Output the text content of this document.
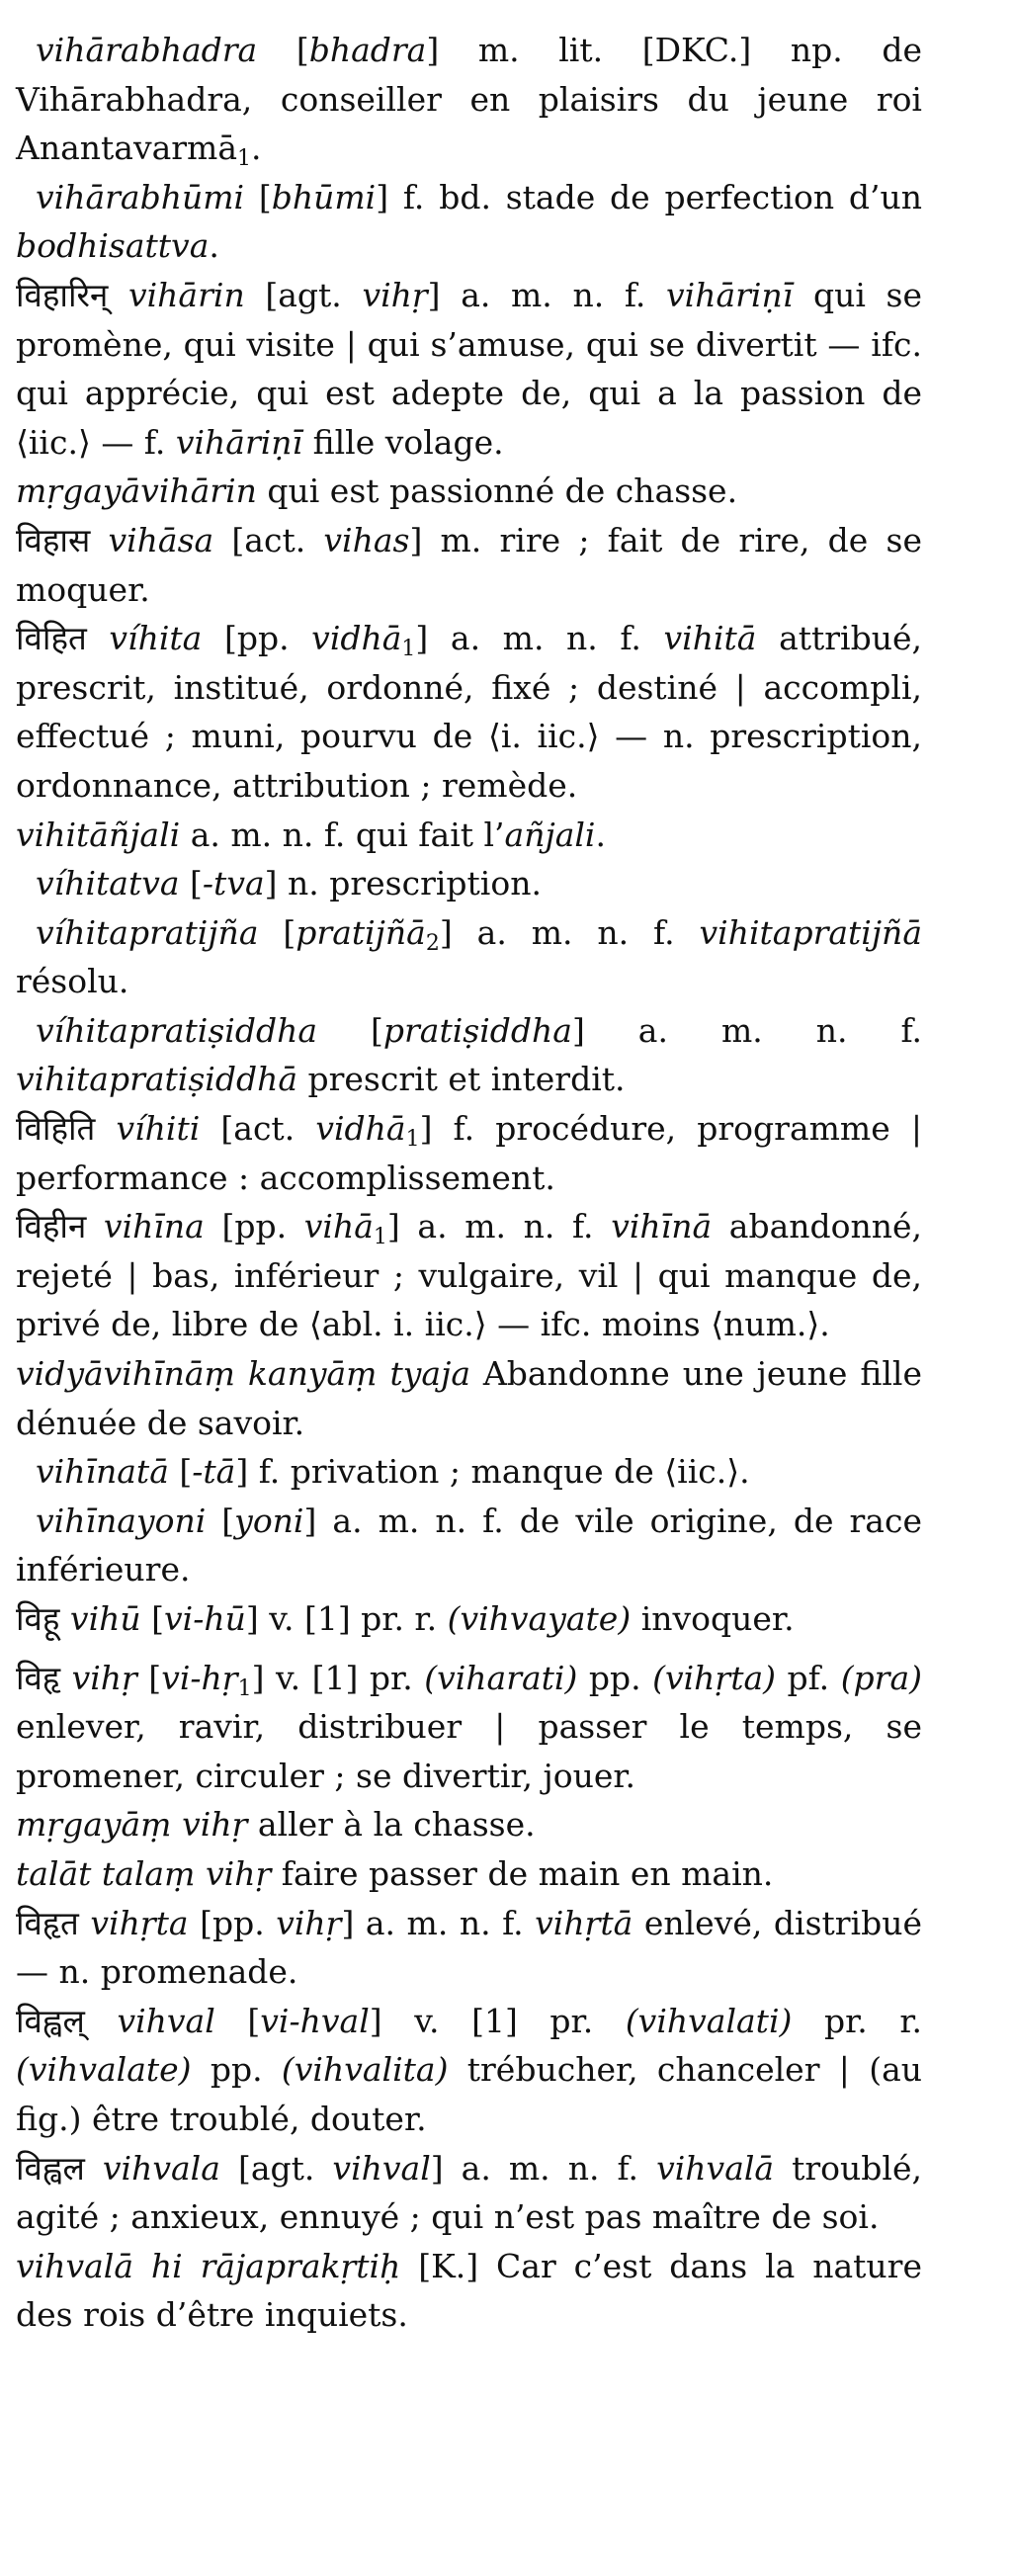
vihārabhadra [bhadra] m. lit. [DKC.] np. de Vihārabhadra, conseiller en plaisirs du jeune roi Anantavarmā$_1$.

vihārabhūmi [bhūmi] f. bd. stade de perfection d’un bodhisattva.

विहारिन् vihārin [agt. vihṛ] a. m. n. f. vihāriṇī qui se promène, qui visite | qui s’amuse, qui se divertit — ifc. qui apprécie, qui est adepte de, qui a la passion de ⟨iic.⟩ — f. vihāriṇī fille volage.

mṛgayāvihārin qui est passionné de chasse.

विहास vihāsa [act. vihas] m. rire ; fait de rire, de se moquer.

विहित víhita [pp. vidhā$_1$] a. m. n. f. vihitā attribué, prescrit, institué, ordonné, fixé ; destiné | accompli, effectué ; muni, pourvu de ⟨i. iic.⟩ — n. prescription, ordonnance, attribution ; remède.

vihitāñjali a. m. n. f. qui fait l’añjali.

víhitatva [-tva] n. prescription.

víhitapratijña [pratijñā$_2$] a. m. n. f. vihitapratijñā résolu.

víhitapratiṣiddha [pratiṣiddha] a. m. n. f. vihitapratiṣiddhā prescrit et interdit.

विहिति víhiti [act. vidhā$_1$] f. procédure, programme | performance : accomplissement.

विहीन vihīna [pp. vihā$_1$] a. m. n. f. vihīnā abandonné, rejeté | bas, inférieur ; vulgaire, vil | qui manque de, privé de, libre de ⟨abl. i. iic.⟩ — ifc. moins ⟨num.⟩.

vidyāvihīnāṃ kanyāṃ tyaja Abandonne une jeune fille dénuée de savoir.

vihīnatā [-tā] f. privation ; manque de ⟨iic.⟩.

vihīnayoni [yoni] a. m. n. f. de vile origine, de race inférieure.

विहू vihū [vi-hū] v. [1] pr. r. (vihvayate) invoquer.

विहृ vihṛ [vi-hṛ$_1$] v. [1] pr. (viharati) pp. (vihṛta) pf. (pra) enlever, ravir, distribuer | passer le temps, se promener, circuler ; se divertir, jouer.

mṛgayāṃ vihṛ aller à la chasse.

talāt talaṃ vihṛ faire passer de main en main.

विहृत vihṛta [pp. vihṛ] a. m. n. f. vihṛtā enlevé, distribué — n. promenade.

विह्वल् vihval [vi-hval] v. [1] pr. (vihvalati) pr. r. (vihvalate) pp. (vihvalita) trébucher, chanceler | (au fig.) être troublé, douter.

विह्वल vihvala [agt. vihval] a. m. n. f. vihvalā troublé, agité ; anxieux, ennuyé ; qui n’est pas maître de soi.

vihvalā hi rājaprakṛtiḥ [K.] Car c’est dans la nature des rois d’être inquiets.
